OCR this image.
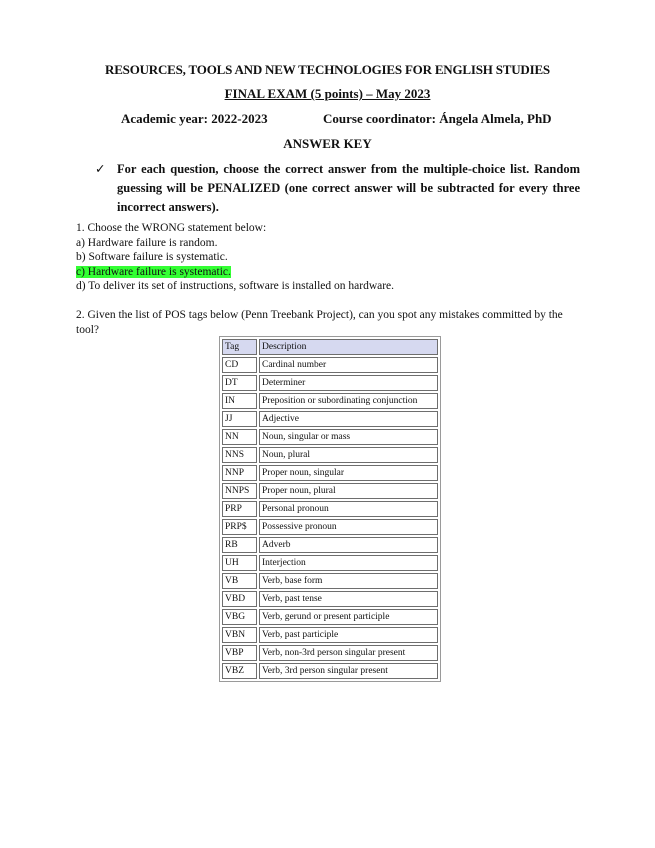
RESOURCES, TOOLS AND NEW TECHNOLOGIES FOR ENGLISH STUDIES
FINAL EXAM (5 points) – May 2023
Academic year: 2022-2023	Course coordinator: Ángela Almela, PhD
ANSWER KEY
✓ For each question, choose the correct answer from the multiple-choice list. Random guessing will be PENALIZED (one correct answer will be subtracted for every three incorrect answers).
1. Choose the WRONG statement below:
a) Hardware failure is random.
b) Software failure is systematic.
c) Hardware failure is systematic.
d) To deliver its set of instructions, software is installed on hardware.
2. Given the list of POS tags below (Penn Treebank Project), can you spot any mistakes committed by the tool?
Tag	Description
CD	Cardinal number
DT	Determiner
IN	Preposition or subordinating conjunction
JJ	Adjective
NN	Noun, singular or mass
NNS	Noun, plural
NNP	Proper noun, singular
NNPS	Proper noun, plural
PRP	Personal pronoun
PRP$	Possessive pronoun
RB	Adverb
UH	Interjection
VB	Verb, base form
VBD	Verb, past tense
VBG	Verb, gerund or present participle
VBN	Verb, past participle
VBP	Verb, non-3rd person singular present
VBZ	Verb, 3rd person singular present
